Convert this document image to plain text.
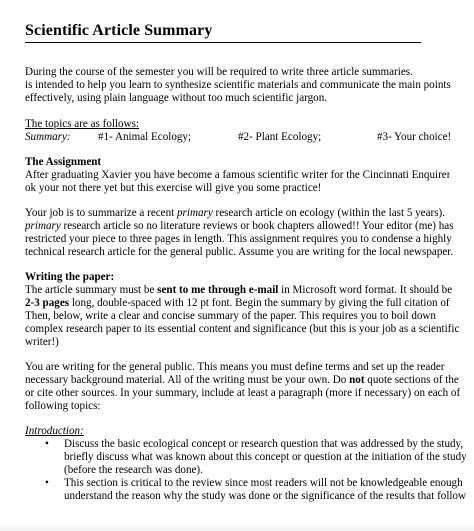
Scientific Article Summary
During the course of the semester you will be required to write three article summaries.
is intended to help you learn to synthesize scientific materials and communicate the main points
effectively, using plain language without too much scientific jargon.
The topics are as follows:
Summary: #1- Animal Ecology;	#2- Plant Ecology;	#3- Your choice!
The Assignment
After graduating Xavier you have become a famous scientific writer for the Cincinnati Enquirer
ok your not there yet but this exercise will give you some practice!
Your job is to summarize a recent primary research article on ecology (within the last 5 years).
primary research article so no literature reviews or book chapters allowed!! Your editor (me) has
restricted your piece to three pages in length. This assignment requires you to condense a highly
technical research article for the general public. Assume you are writing for the local newspaper.
Writing the paper:
The article summary must be sent to me through e-mail in Microsoft word format. It should be
2-3 pages long, double-spaced with 12 pt font. Begin the summary by giving the full citation of
Then, below, write a clear and concise summary of the paper. This requires you to boil down
complex research paper to its essential content and significance (but this is your job as a scientific
writer!)
You are writing for the general public. This means you must define terms and set up the reader
necessary background material. All of the writing must be your own. Do not quote sections of the
or cite other sources. In your summary, include at least a paragraph (more if necessary) on each of
following topics:
Introduction:
• Discuss the basic ecological concept or research question that was addressed by the study,
briefly discuss what was known about this concept or question at the initiation of the study
(before the research was done).
• This section is critical to the review since most readers will not be knowledgeable enough
understand the reason why the study was done or the significance of the results that follow
